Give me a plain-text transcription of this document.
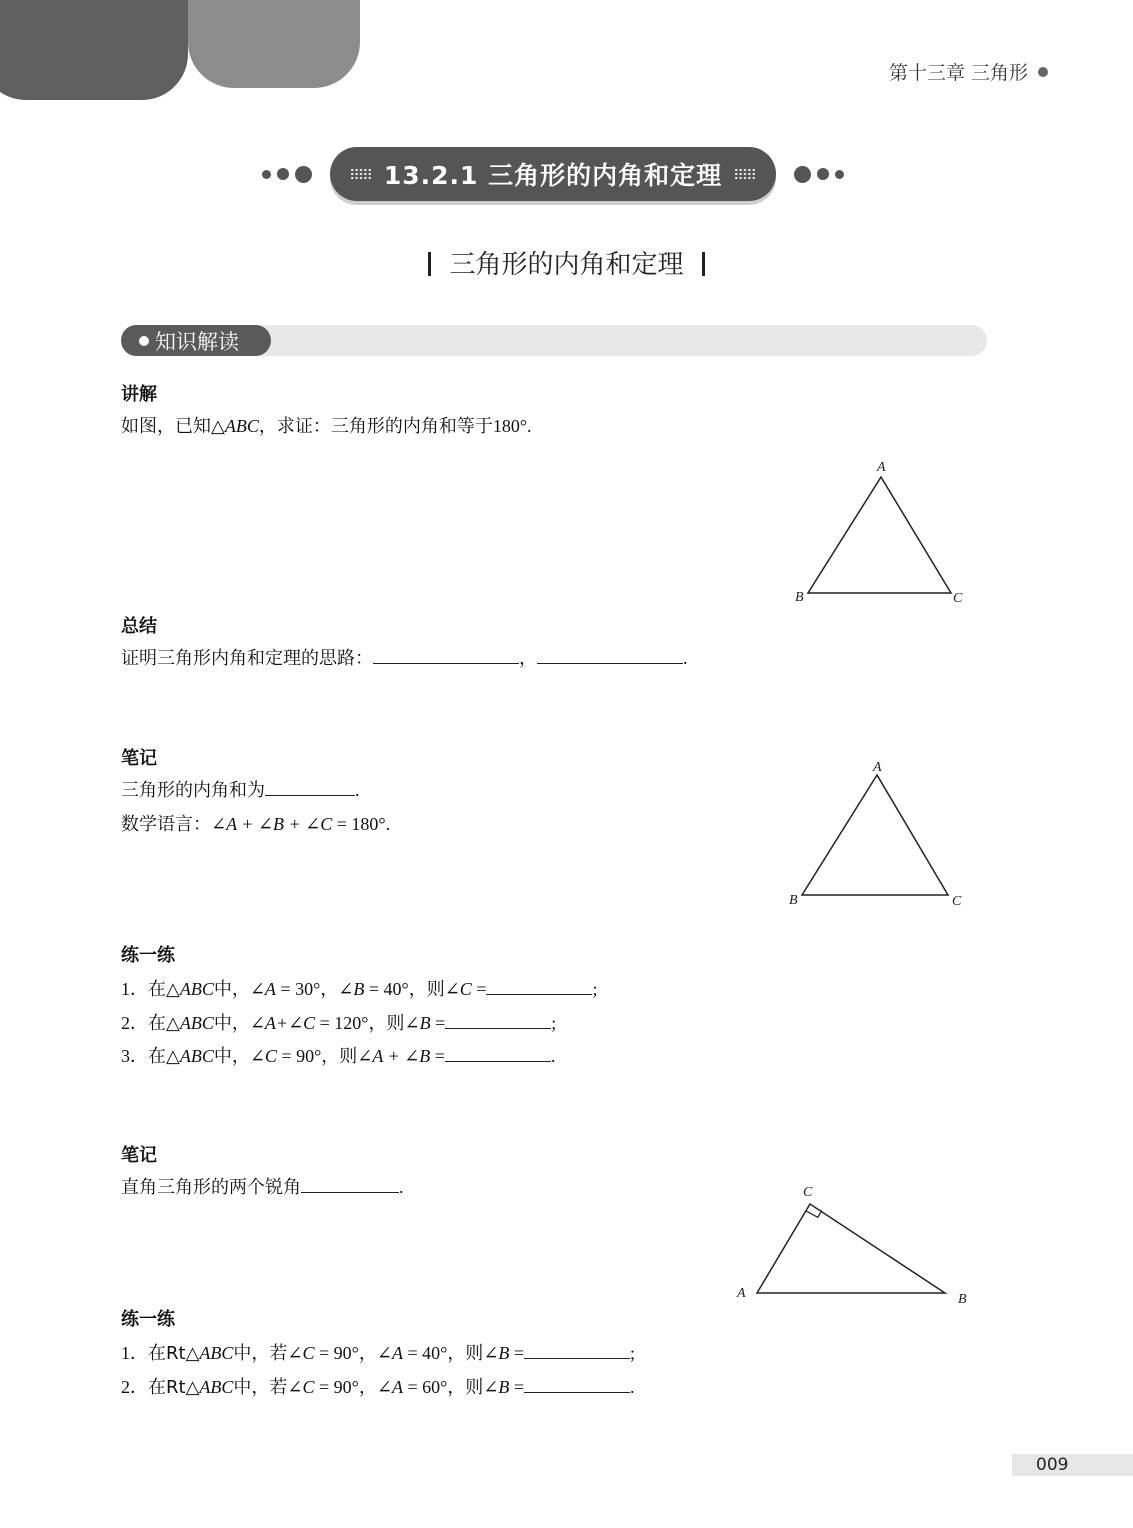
第十三章 三角形
13.2.1 三角形的内角和定理
三角形的内角和定理
知识解读
讲解
如图，已知△ABC，求证：三角形的内角和等于180°.
A
B	C
总结
证明三角形内角和定理的思路：	，	.
笔记
三角形的内角和为	.
数学语言：∠A + ∠B + ∠C = 180°.
A
B	C
练一练
1．在△ABC中，∠A = 30°，∠B = 40°，则∠C =	;
2．在△ABC中，∠A+∠C = 120°，则∠B =	;
3．在△ABC中，∠C = 90°，则∠A + ∠B =	.
笔记
直角三角形的两个锐角	.	C
A	B
练一练
1．在Rt△ABC中，若∠C = 90°，∠A = 40°，则∠B =	;
2．在Rt△ABC中，若∠C = 90°，∠A = 60°，则∠B =	.
009
